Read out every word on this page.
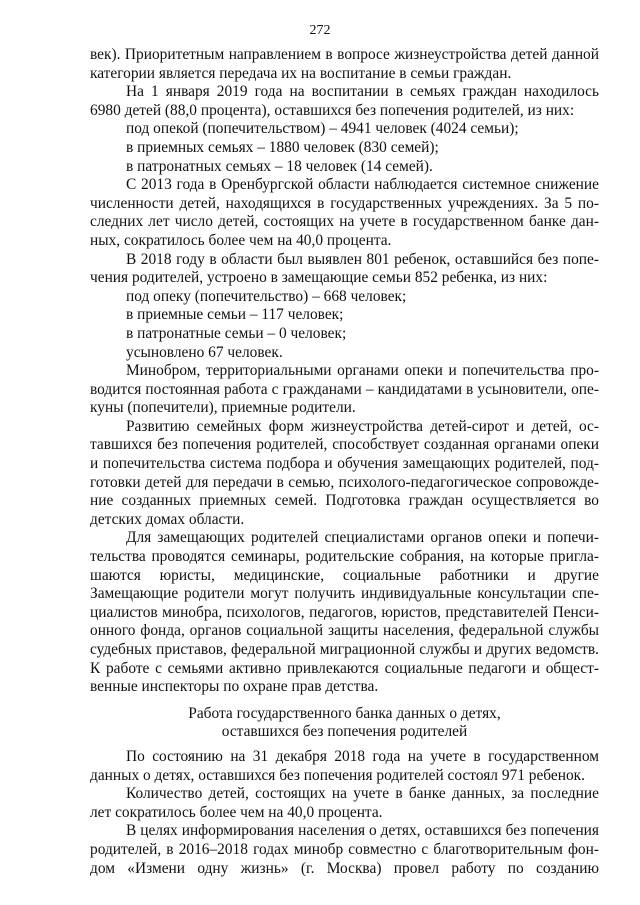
272
век). Приоритетным направлением в вопросе жизнеустройства детей данной
категории является передача их на воспитание в семьи граждан.
На 1 января 2019 года на воспитании в семьях граждан находилось
6980 детей (88,0 процента), оставшихся без попечения родителей, из них:
под опекой (попечительством) – 4941 человек (4024 семьи);
в приемных семьях – 1880 человек (830 семей);
в патронатных семьях – 18 человек (14 семей).
С 2013 года в Оренбургской области наблюдается системное снижение
численности детей, находящихся в государственных учреждениях. За 5 по-
следних лет число детей, состоящих на учете в государственном банке дан-
ных, сократилось более чем на 40,0 процента.
В 2018 году в области был выявлен 801 ребенок, оставшийся без попе-
чения родителей, устроено в замещающие семьи 852 ребенка, из них:
под опеку (попечительство) – 668 человек;
в приемные семьи – 117 человек;
в патронатные семьи – 0 человек;
усыновлено 67 человек.
Минобром, территориальными органами опеки и попечительства про-
водится постоянная работа с гражданами – кандидатами в усыновители, опе-
куны (попечители), приемные родители.
Развитию семейных форм жизнеустройства детей-сирот и детей, ос-
тавшихся без попечения родителей, способствует созданная органами опеки
и попечительства система подбора и обучения замещающих родителей, под-
готовки детей для передачи в семью, психолого-педагогическое сопровожде-
ние созданных приемных семей. Подготовка граждан осуществляется во
детских домах области.
Для замещающих родителей специалистами органов опеки и попечи-
тельства проводятся семинары, родительские собрания, на которые пригла-
шаются юристы, медицинские, социальные работники и другие
Замещающие родители могут получить индивидуальные консультации спе-
циалистов минобра, психологов, педагогов, юристов, представителей Пенси-
онного фонда, органов социальной защиты населения, федеральной службы
судебных приставов, федеральной миграционной службы и других ведомств.
К работе с семьями активно привлекаются социальные педагоги и общест-
венные инспекторы по охране прав детства.
Работа государственного банка данных о детях,
оставшихся без попечения родителей
По состоянию на 31 декабря 2018 года на учете в государственном
данных о детях, оставшихся без попечения родителей состоял 971 ребенок.
Количество детей, состоящих на учете в банке данных, за последние
лет сократилось более чем на 40,0 процента.
В целях информирования населения о детях, оставшихся без попечения
родителей, в 2016–2018 годах минобр совместно с благотворительным фон-
дом «Измени одну жизнь» (г. Москва) провел работу по созданию
